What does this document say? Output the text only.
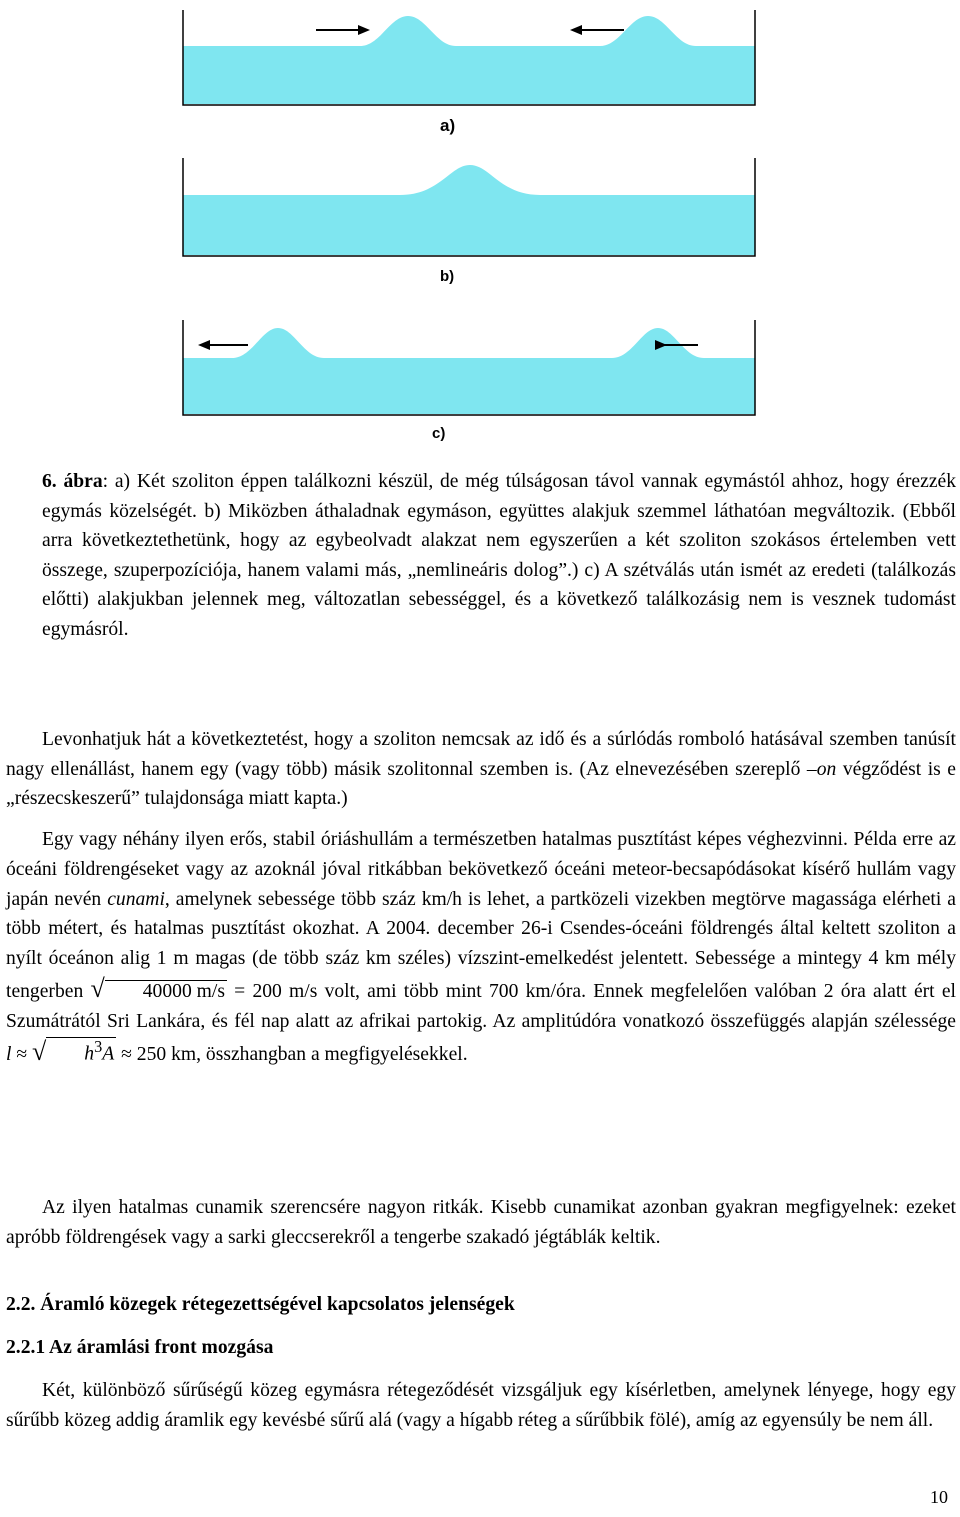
a)
b)
c)

6. ábra: a) Két szoliton éppen találkozni készül, de még túlságosan távol vannak egymástól ahhoz, hogy érezzék egymás közelségét. b) Miközben áthaladnak egymáson, együttes alakjuk szemmel láthatóan megváltozik. (Ebből arra következtethetünk, hogy az egybeolvadt alakzat nem egyszerűen a két szoliton szokásos értelemben vett összege, szuperpozíciója, hanem valami más, „nemlineáris dolog”.) c) A szétválás után ismét az eredeti (találkozás előtti) alakjukban jelennek meg, változatlan sebességgel, és a következő találkozásig nem is vesznek tudomást egymásról.

Levonhatjuk hát a következtetést, hogy a szoliton nemcsak az idő és a súrlódás romboló hatásával szemben tanúsít nagy ellenállást, hanem egy (vagy több) másik szolitonnal szemben is. (Az elnevezésében szereplő –on végződést is e „részecskeszerű” tulajdonsága miatt kapta.)

Egy vagy néhány ilyen erős, stabil óriáshullám a természetben hatalmas pusztítást képes véghezvinni. Példa erre az óceáni földrengéseket vagy az azoknál jóval ritkábban bekövetkező óceáni meteor-becsapódásokat kísérő hullám vagy japán nevén cunami, amelynek sebessége több száz km/h is lehet, a partközeli vizekben megtörve magassága elérheti a több métert, és hatalmas pusztítást okozhat. A 2004. december 26-i Csendes-óceáni földrengés által keltett szoliton a nyílt óceánon alig 1 m magas (de több száz km széles) vízszint-emelkedést jelentett. Sebessége a mintegy 4 km mély tengerben √ 40000 m/s = 200 m/s volt, ami több mint 700 km/óra. Ennek megfelelően valóban 2 óra alatt ért el Szumátrától Sri Lankára, és fél nap alatt az afrikai partokig. Az amplitúdóra vonatkozó összefüggés alapján szélessége l ≈ √ $h^3A \approx 250$ km, összhangban a megfigyelésekkel.

Az ilyen hatalmas cunamik szerencsére nagyon ritkák. Kisebb cunamikat azonban gyakran megfigyelnek: ezeket apróbb földrengések vagy a sarki gleccserekről a tengerbe szakadó jégtáblák keltik.

2.2. Áramló közegek rétegezettségével kapcsolatos jelenségek
2.2.1 Az áramlási front mozgása

Két, különböző sűrűségű közeg egymásra rétegeződését vizsgáljuk egy kísérletben, amelynek lényege, hogy egy sűrűbb közeg addig áramlik egy kevésbé sűrű alá (vagy a hígabb réteg a sűrűbbik fölé), amíg az egyensúly be nem áll.

10
